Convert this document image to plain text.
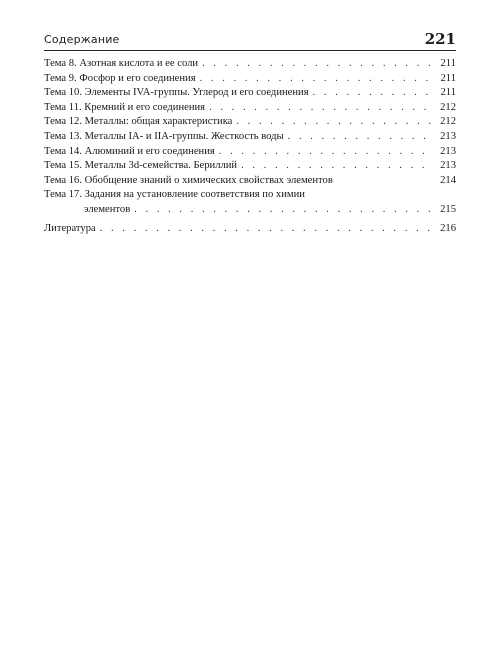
Содержание	221
Тема 8. Азотная кислота и ее соли . . .	211
Тема 9. Фосфор и его соединения . . .	211
Тема 10. Элементы IVA-группы. Углерод и его соединения . . .	211
Тема 11. Кремний и его соединения . . .	212
Тема 12. Металлы: общая характеристика . . .	212
Тема 13. Металлы IA- и IIA-группы. Жесткость воды . . .	213
Тема 14. Алюминий и его соединения . . .	213
Тема 15. Металлы 3d-семейства. Бериллий . . .	213
Тема 16. Обобщение знаний о химических свойствах элементов	214
Тема 17. Задания на установление соответствия по химии
элементов . . .	215
Литература . . .	216
